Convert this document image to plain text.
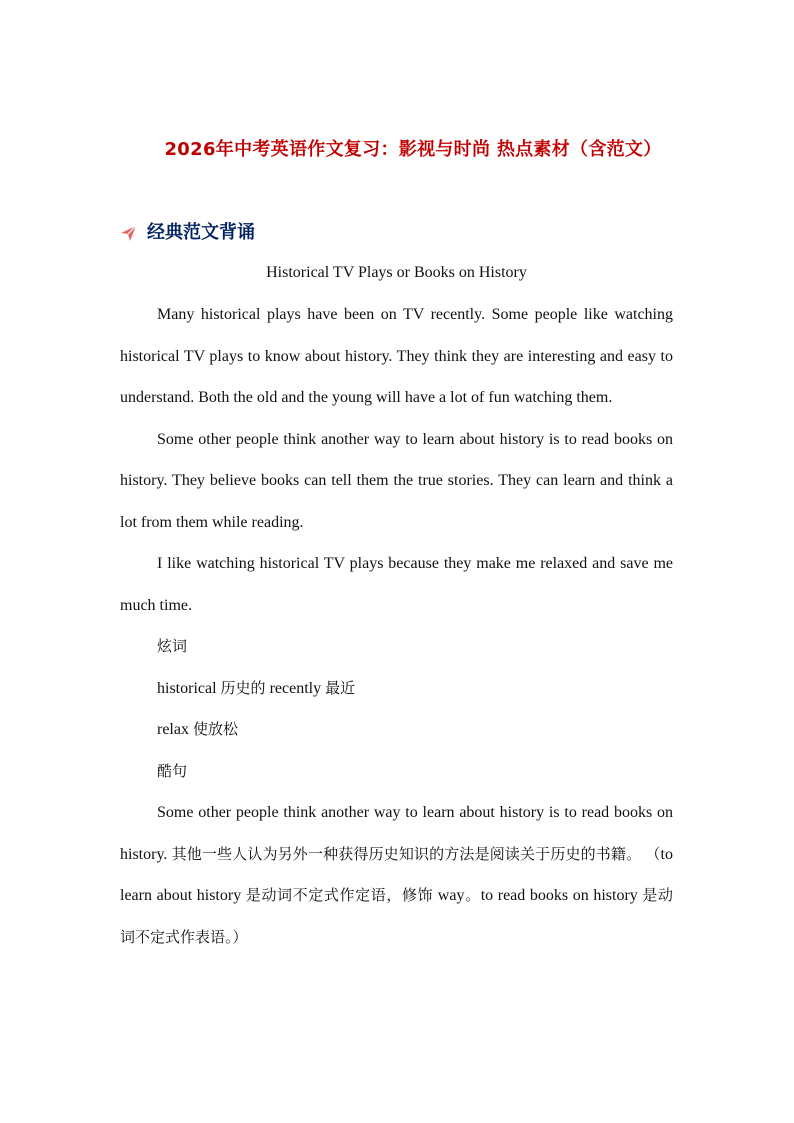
2026年中考英语作文复习：影视与时尚 热点素材（含范文）
经典范文背诵
Historical TV Plays or Books on History

Many historical plays have been on TV recently. Some people like watching historical TV plays to know about history. They think they are interesting and easy to understand. Both the old and the young will have a lot of fun watching them.

Some other people think another way to learn about history is to read books on history. They believe books can tell them the true stories. They can learn and think a lot from them while reading.

I like watching historical TV plays because they make me relaxed and save me much time.

炫词

historical 历史的 recently 最近

relax 使放松

酷句

Some other people think another way to learn about history is to read books on history. 其他一些人认为另外一种获得历史知识的方法是阅读关于历史的书籍。 （to learn about history 是动词不定式作定语，修饰 way。to read books on history 是动词不定式作表语。）
